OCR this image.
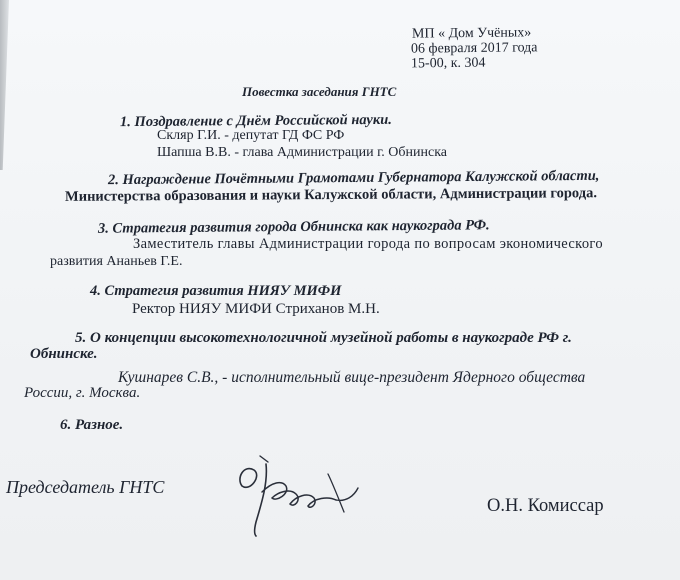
МП « Дом Учёных»
06 февраля 2017 года
15-00, к. 304
Повестка заседания ГНТС
1. Поздравление с Днём Российской науки.
Скляр Г.И. - депутат ГД ФС РФ
Шапша В.В. - глава Администрации г. Обнинска
2. Награждение Почётными Грамотами Губернатора Калужской области,
Министерства образования и науки Калужской области, Администрации города.
3. Стратегия развития города Обнинска как наукограда РФ.
Заместитель главы Администрации города по вопросам экономического
развития Ананьев Г.Е.
4. Стратегия развития НИЯУ МИФИ
Ректор НИЯУ МИФИ Стриханов М.Н.
5. О концепции высокотехнологичной музейной работы в наукограде РФ г.
Обнинске.
Кушнарев С.В., - исполнительный вице-президент Ядерного общества
России, г. Москва.
6. Разное.
Председатель ГНТС
О.Н. Комиссар
